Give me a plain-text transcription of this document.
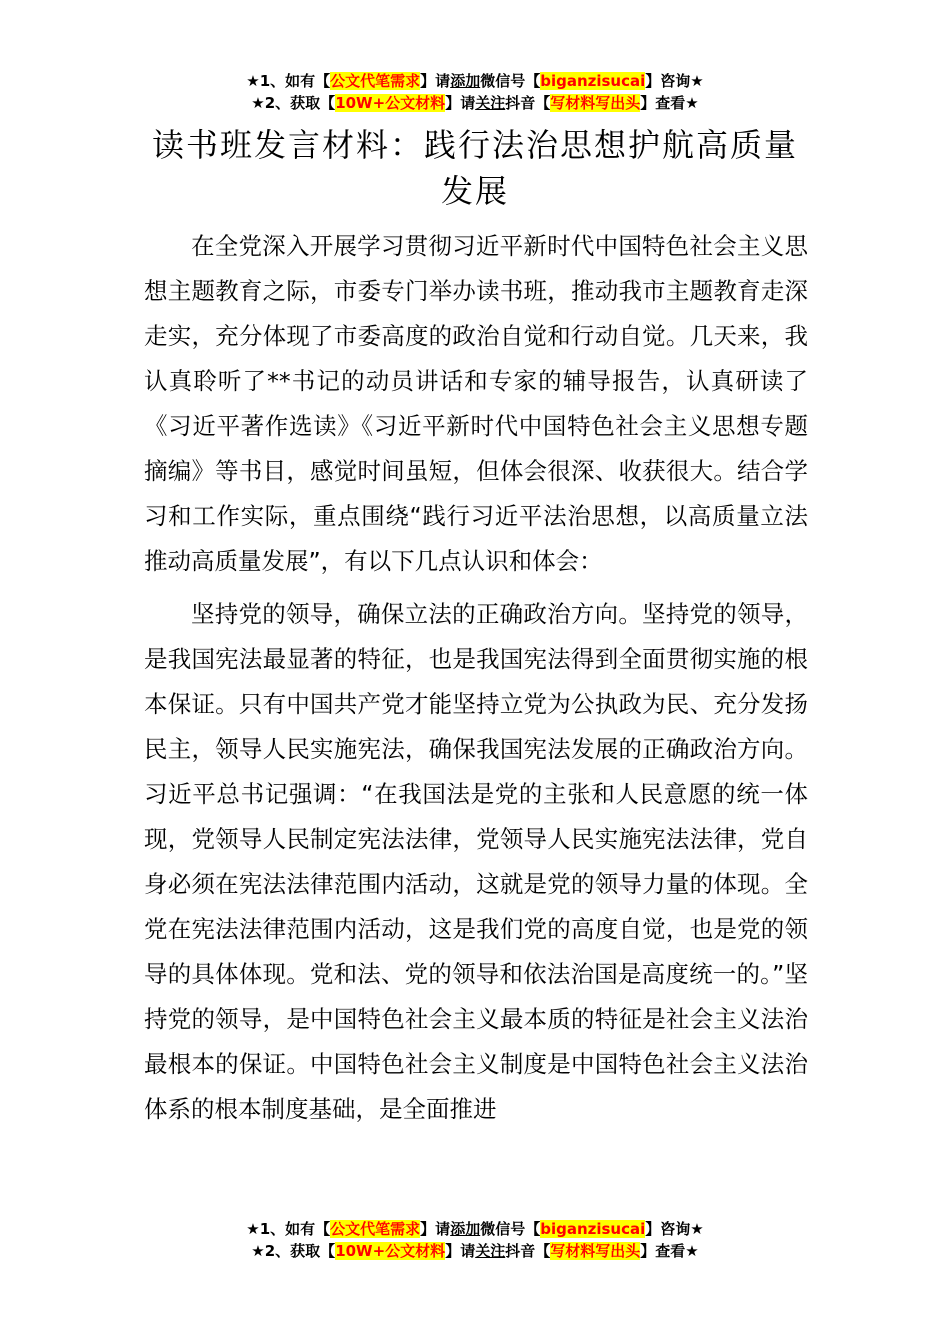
★1、如有【公文代笔需求】请添加微信号【biganzisucai】咨询★
★2、获取【10W+公文材料】请关注抖音【写材料写出头】查看★
读书班发言材料：践行法治思想护航高质量发展

在全党深入开展学习贯彻习近平新时代中国特色社会主义思想主题教育之际，市委专门举办读书班，推动我市主题教育走深走实，充分体现了市委高度的政治自觉和行动自觉。几天来，我认真聆听了**书记的动员讲话和专家的辅导报告，认真研读了《习近平著作选读》《习近平新时代中国特色社会主义思想专题摘编》等书目，感觉时间虽短，但体会很深、收获很大。结合学习和工作实际，重点围绕“践行习近平法治思想，以高质量立法推动高质量发展”，有以下几点认识和体会：

坚持党的领导，确保立法的正确政治方向。坚持党的领导，是我国宪法最显著的特征，也是我国宪法得到全面贯彻实施的根本保证。只有中国共产党才能坚持立党为公执政为民、充分发扬民主，领导人民实施宪法，确保我国宪法发展的正确政治方向。习近平总书记强调：“在我国法是党的主张和人民意愿的统一体现，党领导人民制定宪法法律，党领导人民实施宪法法律，党自身必须在宪法法律范围内活动，这就是党的领导力量的体现。全党在宪法法律范围内活动，这是我们党的高度自觉，也是党的领导的具体体现。党和法、党的领导和依法治国是高度统一的。”坚持党的领导，是中国特色社会主义最本质的特征是社会主义法治最根本的保证。中国特色社会主义制度是中国特色社会主义法治体系的根本制度基础，是全面推进

★1、如有【公文代笔需求】请添加微信号【biganzisucai】咨询★
★2、获取【10W+公文材料】请关注抖音【写材料写出头】查看★
